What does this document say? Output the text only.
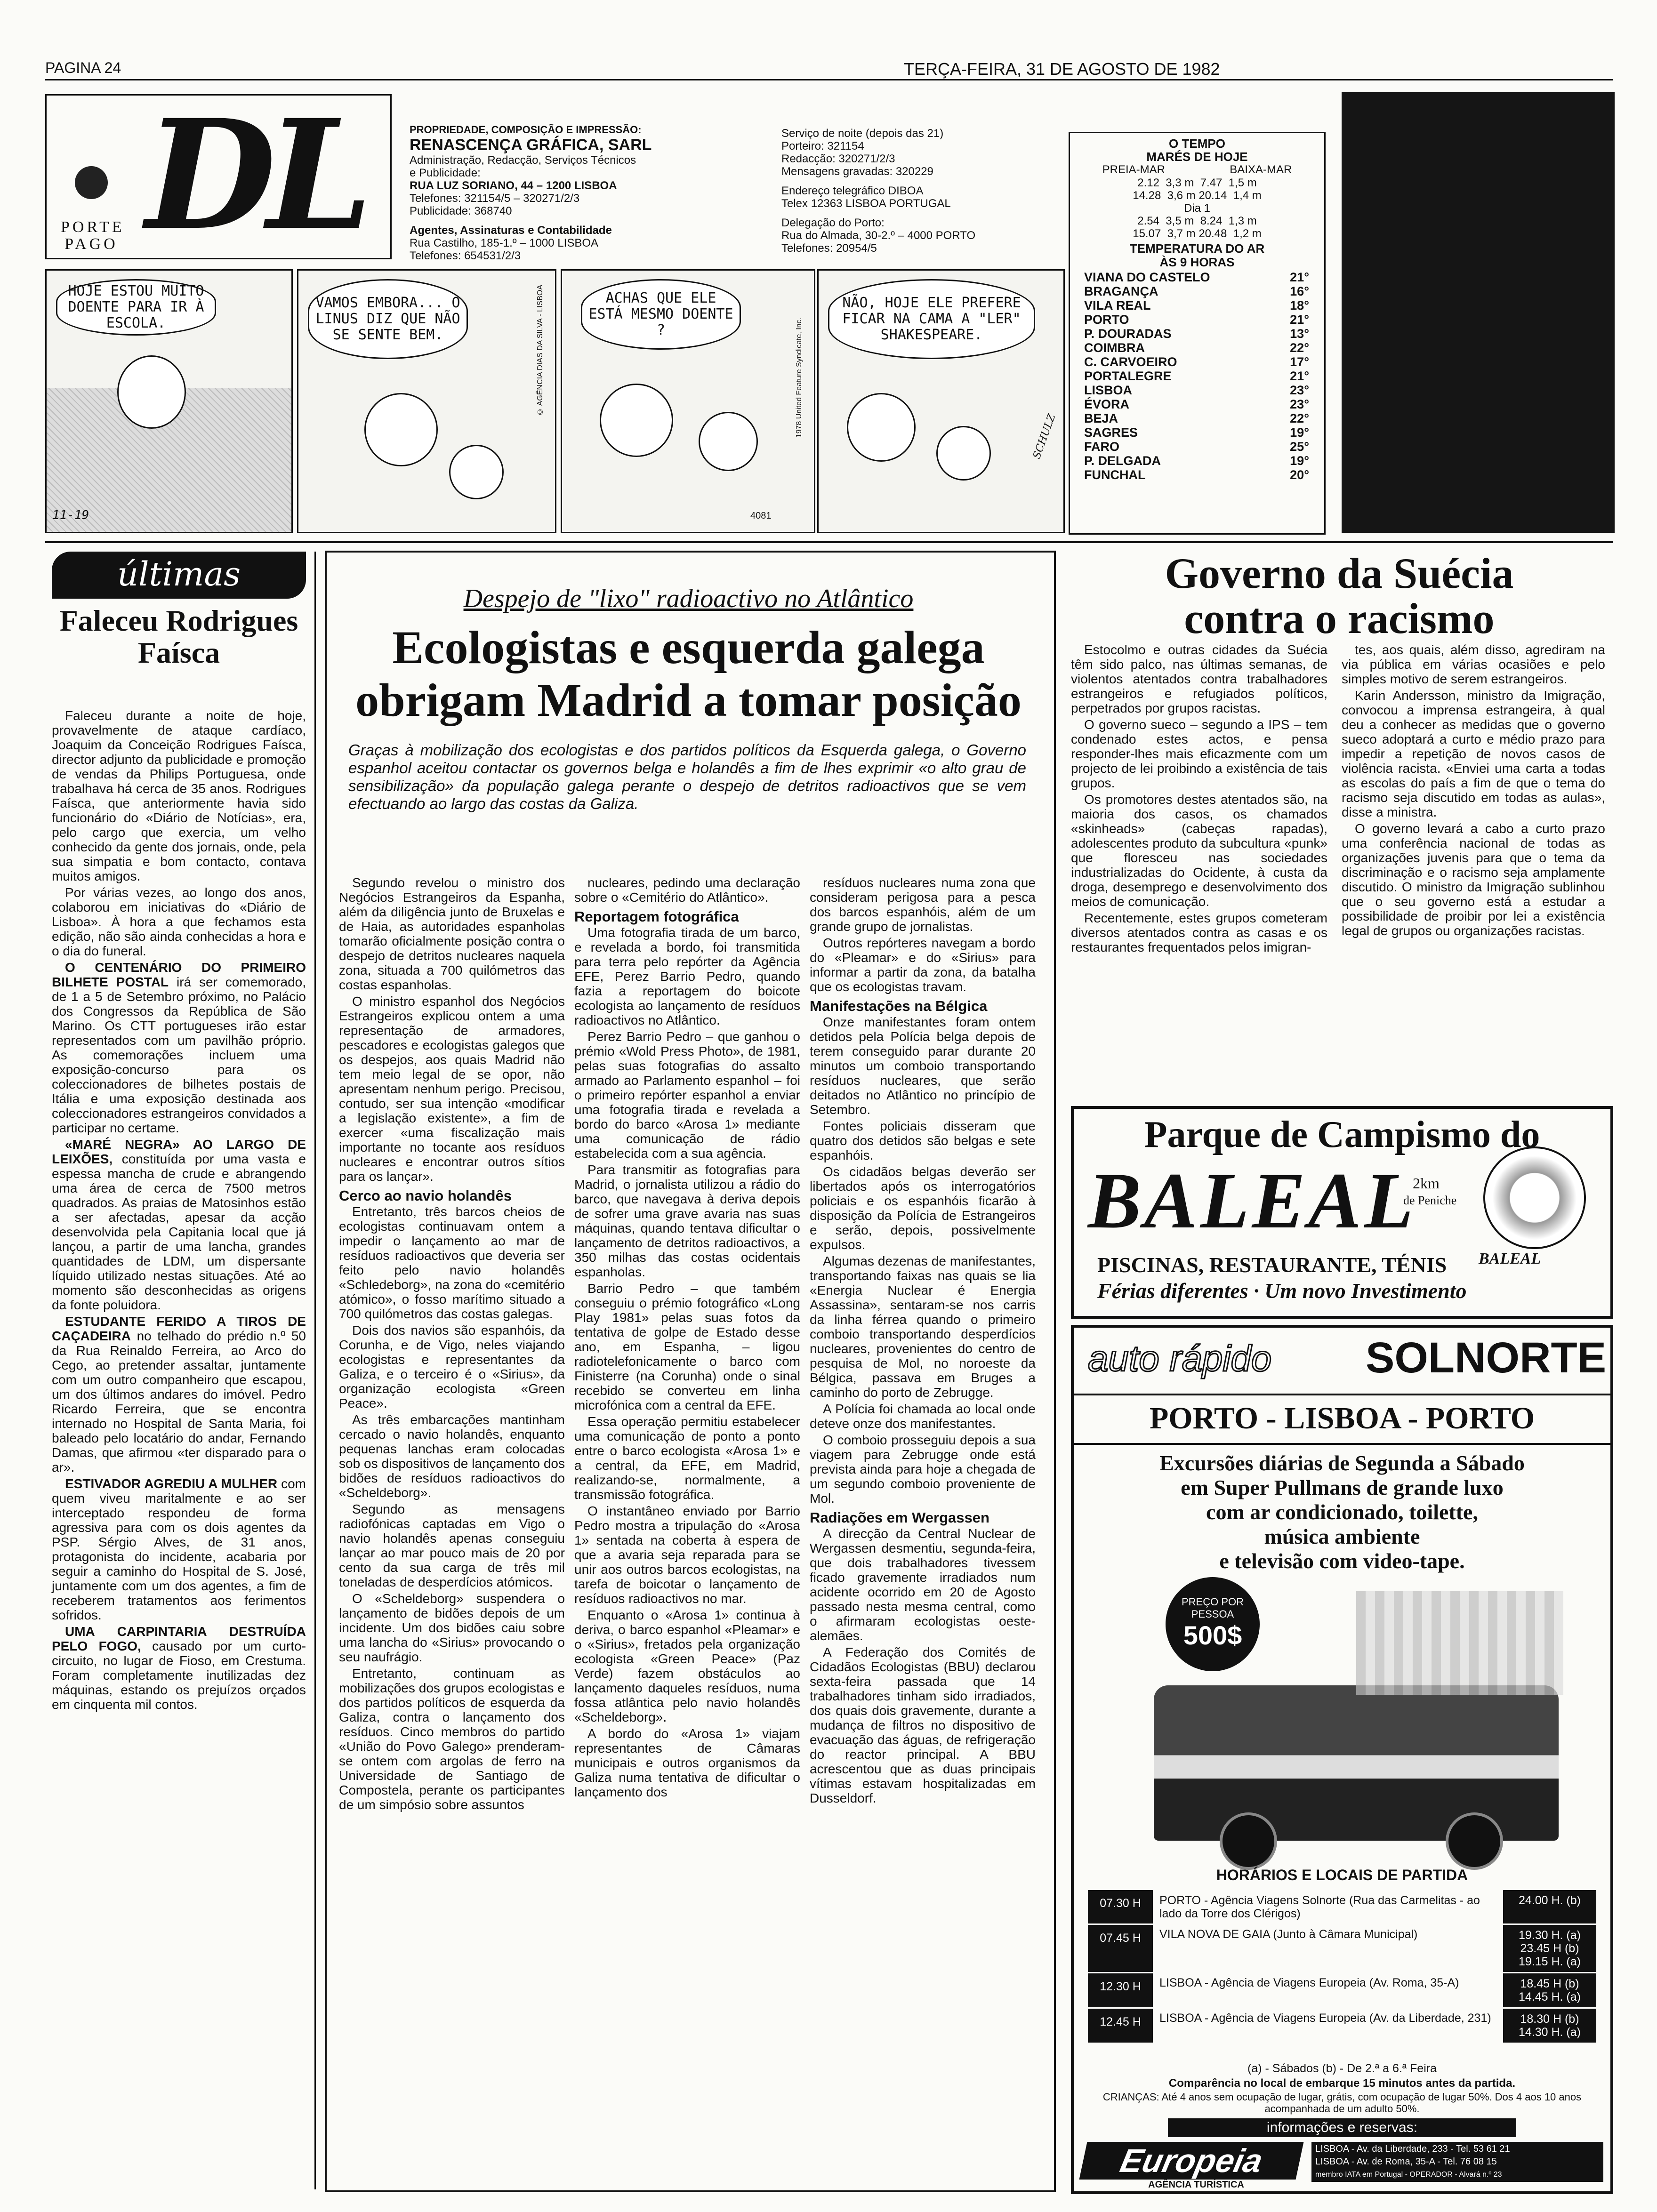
PAGINA 24	TERÇA-FEIRA, 31 DE AGOSTO DE 1982
PORTE
PAGO DL	PROPRIEDADE, COMPOSIÇÃO E IMPRESSÃO:
RENASCENÇA GRÁFICA, SARL
Administração, Redacção, Serviços Técnicos
e Publicidade:
RUA LUZ SORIANO, 44 – 1200 LISBOA
Telefones: 321154/5 – 320271/2/3
Publicidade: 368740
Agentes, Assinaturas e Contabilidade
Rua Castilho, 185-1.º – 1000 LISBOA
Telefones: 654531/2/3
Serviço de noite (depois das 21)
Porteiro: 321154
Redacção: 320271/2/3
Mensagens gravadas: 320229
Endereço telegráfico DIBOA
Telex 12363 LISBOA PORTUGAL
Delegação do Porto:
Rua do Almada, 30-2.º – 4000 PORTO
Telefones: 20954/5
O TEMPO
MARÉS DE HOJE
PREIA-MAR	BAIXA-MAR
2.12  3,3 m  7.47  1,5 m
14.28  3,6 m 20.14  1,4 m
Dia 1
2.54  3,5 m  8.24  1,3 m
15.07  3,7 m 20.48  1,2 m
TEMPERATURA DO AR
ÀS 9 HORAS
VIANA DO CASTELO	21°
BRAGANÇA	16°
VILA REAL	18°
PORTO	21°
P. DOURADAS	13°
COIMBRA	22°
C. CARVOEIRO	17°
PORTALEGRE	21°
LISBOA	23°
ÉVORA	23°
BEJA	22°
SAGRES	19°
FARO	25°
P. DELGADA	19°
FUNCHAL	20°
HOJE ESTOU MUITO DOENTE PARA IR À ESCOLA.
11-19
VAMOS EMBORA... O LINUS DIZ QUE NÃO SE SENTE BEM.	© AGÊNCIA DIAS DA SILVA - LISBOA	ACHAS QUE ELE ESTÁ MESMO DOENTE ?	1978 United Feature Syndicate, Inc.
4081
NÃO, HOJE ELE PREFERE FICAR NA CAMA A "LER" SHAKESPEARE.
SCHULZ
últimas
Faleceu Rodrigues Faísca

Faleceu durante a noite de hoje, provavelmente de ataque cardíaco, Joaquim da Conceição Rodrigues Faísca, director adjunto da publicidade e promoção de vendas da Philips Portuguesa, onde trabalhava há cerca de 35 anos. Rodrigues Faísca, que anteriormente havia sido funcionário do «Diário de Notícias», era, pelo cargo que exercia, um velho conhecido da gente dos jornais, onde, pela sua simpatia e bom contacto, contava muitos amigos.

Por várias vezes, ao longo dos anos, colaborou em iniciativas do «Diário de Lisboa». À hora a que fechamos esta edição, não são ainda conhecidas a hora e o dia do funeral.

O CENTENÁRIO DO PRIMEIRO BILHETE POSTAL irá ser comemorado, de 1 a 5 de Setembro próximo, no Palácio dos Congressos da República de São Marino. Os CTT portugueses irão estar representados com um pavilhão próprio. As comemorações incluem uma exposição-concurso para os coleccionadores de bilhetes postais de Itália e uma exposição destinada aos coleccionadores estrangeiros convidados a participar no certame.

«MARÉ NEGRA» AO LARGO DE LEIXÕES, constituída por uma vasta e espessa mancha de crude e abrangendo uma área de cerca de 7500 metros quadrados. As praias de Matosinhos estão a ser afectadas, apesar da acção desenvolvida pela Capitania local que já lançou, a partir de uma lancha, grandes quantidades de LDM, um dispersante líquido utilizado nestas situações. Até ao momento são desconhecidas as origens da fonte poluidora.

ESTUDANTE FERIDO A TIROS DE CAÇADEIRA no telhado do prédio n.º 50 da Rua Reinaldo Ferreira, ao Arco do Cego, ao pretender assaltar, juntamente com um outro companheiro que escapou, um dos últimos andares do imóvel. Pedro Ricardo Ferreira, que se encontra internado no Hospital de Santa Maria, foi baleado pelo locatário do andar, Fernando Damas, que afirmou «ter disparado para o ar».

ESTIVADOR AGREDIU A MULHER com quem viveu maritalmente e ao ser interceptado respondeu de forma agressiva para com os dois agentes da PSP. Sérgio Alves, de 31 anos, protagonista do incidente, acabaria por seguir a caminho do Hospital de S. José, juntamente com um dos agentes, a fim de receberem tratamentos aos ferimentos sofridos.

UMA CARPINTARIA DESTRUÍDA PELO FOGO, causado por um curto-circuito, no lugar de Fioso, em Crestuma. Foram completamente inutilizadas dez máquinas, estando os prejuízos orçados em cinquenta mil contos.

Despejo de "lixo" radioactivo no Atlântico
Ecologistas e esquerda galega
obrigam Madrid a tomar posição
Graças à mobilização dos ecologistas e dos partidos políticos da Esquerda galega, o Governo espanhol aceitou contactar os governos belga e holandês a fim de lhes exprimir «o alto grau de sensibilização» da população galega perante o despejo de detritos radioactivos que se vem efectuando ao largo das costas da Galiza.

Segundo revelou o ministro dos Negócios Estrangeiros da Espanha, além da diligência junto de Bruxelas e de Haia, as autoridades espanholas tomarão oficialmente posição contra o despejo de detritos nucleares naquela zona, situada a 700 quilómetros das costas espanholas.

O ministro espanhol dos Negócios Estrangeiros explicou ontem a uma representação de armadores, pescadores e ecologistas galegos que os despejos, aos quais Madrid não tem meio legal de se opor, não apresentam nenhum perigo. Precisou, contudo, ser sua intenção «modificar a legislação existente», a fim de exercer «uma fiscalização mais importante no tocante aos resíduos nucleares e encontrar outros sítios para os lançar».

Cerco ao navio holandês

Entretanto, três barcos cheios de ecologistas continuavam ontem a impedir o lançamento ao mar de resíduos radioactivos que deveria ser feito pelo navio holandês «Schledeborg», na zona do «cemitério atómico», o fosso marítimo situado a 700 quilómetros das costas galegas.

Dois dos navios são espanhóis, da Corunha, e de Vigo, neles viajando ecologistas e representantes da Galiza, e o terceiro é o «Sirius», da organização ecologista «Green Peace».

As três embarcações mantinham cercado o navio holandês, enquanto pequenas lanchas eram colocadas sob os dispositivos de lançamento dos bidões de resíduos radioactivos do «Scheldeborg».

Segundo as mensagens radiofónicas captadas em Vigo o navio holandês apenas conseguiu lançar ao mar pouco mais de 20 por cento da sua carga de três mil toneladas de desperdícios atómicos.

O «Scheldeborg» suspendera o lançamento de bidões depois de um incidente. Um dos bidões caiu sobre uma lancha do «Sirius» provocando o seu naufrágio.

Entretanto, continuam as mobilizações dos grupos ecologistas e dos partidos políticos de esquerda da Galiza, contra o lançamento dos resíduos. Cinco membros do partido «União do Povo Galego» prenderam-se ontem com argolas de ferro na Universidade de Santiago de Compostela, perante os participantes de um simpósio sobre assuntos

nucleares, pedindo uma declaração sobre o «Cemitério do Atlântico».

Reportagem fotográfica

Uma fotografia tirada de um barco, e revelada a bordo, foi transmitida para terra pelo repórter da Agência EFE, Perez Barrio Pedro, quando fazia a reportagem do boicote ecologista ao lançamento de resíduos radioactivos no Atlântico.

Perez Barrio Pedro – que ganhou o prémio «Wold Press Photo», de 1981, pelas suas fotografias do assalto armado ao Parlamento espanhol – foi o primeiro repórter espanhol a enviar uma fotografia tirada e revelada a bordo do barco «Arosa 1» mediante uma comunicação de rádio estabelecida com a sua agência.

Para transmitir as fotografias para Madrid, o jornalista utilizou a rádio do barco, que navegava à deriva depois de sofrer uma grave avaria nas suas máquinas, quando tentava dificultar o lançamento de detritos radioactivos, a 350 milhas das costas ocidentais espanholas.

Barrio Pedro – que também conseguiu o prémio fotográfico «Long Play 1981» pelas suas fotos da tentativa de golpe de Estado desse ano, em Espanha, – ligou radiotelefonicamente o barco com Finisterre (na Corunha) onde o sinal recebido se converteu em linha microfónica com a central da EFE.

Essa operação permitiu estabelecer uma comunicação de ponto a ponto entre o barco ecologista «Arosa 1» e a central, da EFE, em Madrid, realizando-se, normalmente, a transmissão fotográfica.

O instantâneo enviado por Barrio Pedro mostra a tripulação do «Arosa 1» sentada na coberta à espera de que a avaria seja reparada para se unir aos outros barcos ecologistas, na tarefa de boicotar o lançamento de resíduos radioactivos no mar.

Enquanto o «Arosa 1» continua à deriva, o barco espanhol «Pleamar» e o «Sirius», fretados pela organização ecologista «Green Peace» (Paz Verde) fazem obstáculos ao lançamento daqueles resíduos, numa fossa atlântica pelo navio holandês «Scheldeborg».

A bordo do «Arosa 1» viajam representantes de Câmaras municipais e outros organismos da Galiza numa tentativa de dificultar o lançamento dos

resíduos nucleares numa zona que consideram perigosa para a pesca dos barcos espanhóis, além de um grande grupo de jornalistas.

Outros repórteres navegam a bordo do «Pleamar» e do «Sirius» para informar a partir da zona, da batalha que os ecologistas travam.

Manifestações na Bélgica

Onze manifestantes foram ontem detidos pela Polícia belga depois de terem conseguido parar durante 20 minutos um comboio transportando resíduos nucleares, que serão deitados no Atlântico no princípio de Setembro.

Fontes policiais disseram que quatro dos detidos são belgas e sete espanhóis.

Os cidadãos belgas deverão ser libertados após os interrogatórios policiais e os espanhóis ficarão à disposição da Polícia de Estrangeiros e serão, depois, possivelmente expulsos.

Algumas dezenas de manifestantes, transportando faixas nas quais se lia «Energia Nuclear é Energia Assassina», sentaram-se nos carris da linha férrea quando o primeiro comboio transportando desperdícios nucleares, provenientes do centro de pesquisa de Mol, no noroeste da Bélgica, passava em Bruges a caminho do porto de Zebrugge.

A Polícia foi chamada ao local onde deteve onze dos manifestantes.

O comboio prosseguiu depois a sua viagem para Zebrugge onde está prevista ainda para hoje a chegada de um segundo comboio proveniente de Mol.

Radiações em Wergassen

A direcção da Central Nuclear de Wergassen desmentiu, segunda-feira, que dois trabalhadores tivessem ficado gravemente irradiados num acidente ocorrido em 20 de Agosto passado nesta mesma central, como o afirmaram ecologistas oeste-alemães.

A Federação dos Comités de Cidadãos Ecologistas (BBU) declarou sexta-feira passada que 14 trabalhadores tinham sido irradiados, dos quais dois gravemente, durante a mudança de filtros no dispositivo de evacuação das águas, de refrigeração do reactor principal. A BBU acrescentou que as duas principais vítimas estavam hospitalizadas em Dusseldorf.

Governo da Suécia
contra o racismo

Estocolmo e outras cidades da Suécia têm sido palco, nas últimas semanas, de violentos atentados contra trabalhadores estrangeiros e refugiados políticos, perpetrados por grupos racistas.

O governo sueco – segundo a IPS – tem condenado estes actos, e pensa responder-lhes mais eficazmente com um projecto de lei proibindo a existência de tais grupos.

Os promotores destes atentados são, na maioria dos casos, os chamados «skinheads» (cabeças rapadas), adolescentes produto da subcultura «punk» que floresceu nas sociedades industrializadas do Ocidente, à custa da droga, desemprego e desenvolvimento dos meios de comunicação.

Recentemente, estes grupos cometeram diversos atentados contra as casas e os restaurantes frequentados pelos imigran-

tes, aos quais, além disso, agrediram na via pública em várias ocasiões e pelo simples motivo de serem estrangeiros.

Karin Andersson, ministro da Imigração, convocou a imprensa estrangeira, à qual deu a conhecer as medidas que o governo sueco adoptará a curto e médio prazo para impedir a repetição de novos casos de violência racista. «Enviei uma carta a todas as escolas do país a fim de que o tema do racismo seja discutido em todas as aulas», disse a ministra.

O governo levará a cabo a curto prazo uma conferência nacional de todas as organizações juvenis para que o tema da discriminação e o racismo seja amplamente discutido. O ministro da Imigração sublinhou que o seu governo está a estudar a possibilidade de proibir por lei a existência legal de grupos ou organizações racistas.

Parque de Campismo do
BALEAL
2km
de Peniche
BALEAL
PISCINAS, RESTAURANTE, TÉNIS
Férias diferentes · Um novo Investimento
auto rápido SOLNORTE
PORTO - LISBOA - PORTO
Excursões diárias de Segunda a Sábado
em Super Pullmans de grande luxo
com ar condicionado, toilette,
música ambiente
e televisão com video-tape.
PREÇO POR PESSOA
500$
HORÁRIOS E LOCAIS DE PARTIDA
07.30 H	PORTO - Agência Viagens Solnorte (Rua das Carmelitas - ao lado da Torre dos Clérigos)	24.00 H. (b)
07.45 H	VILA NOVA DE GAIA (Junto à Câmara Municipal)	19.30 H. (a) 23.45 H (b) 19.15 H. (a)
12.30 H	LISBOA - Agência de Viagens Europeia (Av. Roma, 35-A)	18.45 H (b) 14.45 H. (a)
12.45 H	LISBOA - Agência de Viagens Europeia (Av. da Liberdade, 231)	18.30 H (b) 14.30 H. (a)
(a) - Sábados (b) - De 2.ª a 6.ª Feira
Comparência no local de embarque 15 minutos antes da partida.
CRIANÇAS: Até 4 anos sem ocupação de lugar, grátis, com ocupação de lugar 50%. Dos 4 aos 10 anos acompanhada de um adulto 50%.
informações e reservas:
Europeia
AGÊNCIA TURÍSTICA
LISBOA - Av. da Liberdade, 233 - Tel. 53 61 21
LISBOA - Av. de Roma, 35-A - Tel. 76 08 15
membro IATA em Portugal - OPERADOR - Alvará n.º 23
